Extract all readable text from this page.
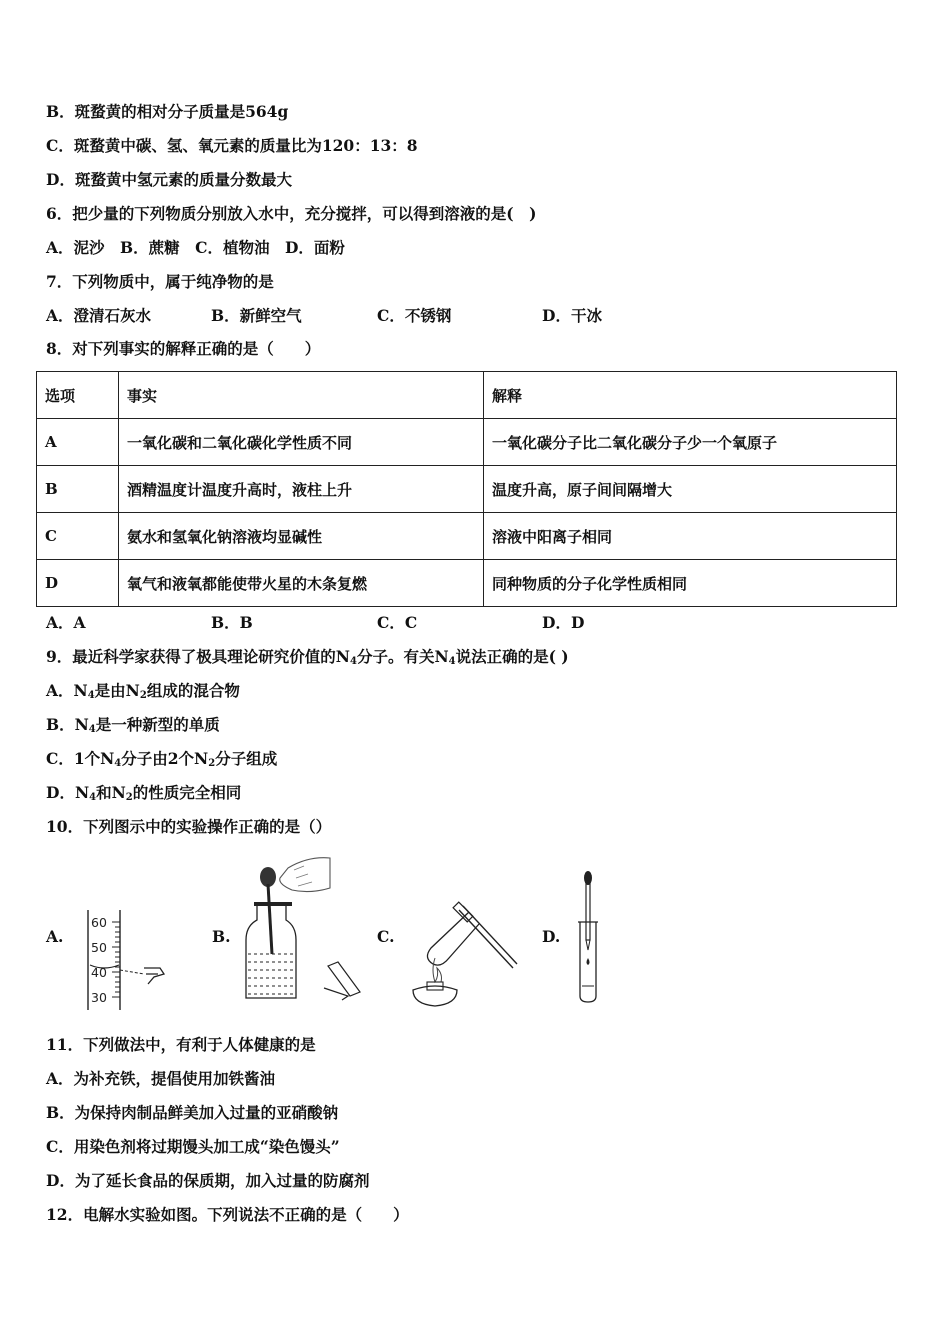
B．斑蝥黄的相对分子质量是564g
C．斑蝥黄中碳、氢、氧元素的质量比为120：13：8
D．斑蝥黄中氢元素的质量分数最大
6．把少量的下列物质分别放入水中，充分搅拌，可以得到溶液的是(　)
A．泥沙　B．蔗糖　C．植物油　D．面粉
7．下列物质中，属于纯净物的是
A．澄清石灰水	B．新鲜空气	C．不锈钢	D．干冰
8．对下列事实的解释正确的是（　　）
选项	事实	解释
A	一氧化碳和二氧化碳化学性质不同	一氧化碳分子比二氧化碳分子少一个氧原子
B	酒精温度计温度升高时，液柱上升	温度升高，原子间间隔增大
C	氨水和氢氧化钠溶液均显碱性	溶液中阳离子相同
D	氧气和液氧都能使带火星的木条复燃	同种物质的分子化学性质相同
A．A	B．B	C．C	D．D
9．最近科学家获得了极具理论研究价值的$N_4$分子。有关$N_4$说法正确的是( )
A．$N_4$是由$N_2$组成的混合物
B．$N_4$是一种新型的单质
C．1个$N_4$分子由2个$N_2$分子组成
D．$N_4$和$N_2$的性质完全相同
10．下列图示中的实验操作正确的是（）
A.
60
50
40
30
B.	C.	D.
11．下列做法中，有利于人体健康的是
A．为补充铁，提倡使用加铁酱油
B．为保持肉制品鲜美加入过量的亚硝酸钠
C．用染色剂将过期馒头加工成“染色馒头”
D．为了延长食品的保质期，加入过量的防腐剂
12．电解水实验如图。下列说法不正确的是（　　）
